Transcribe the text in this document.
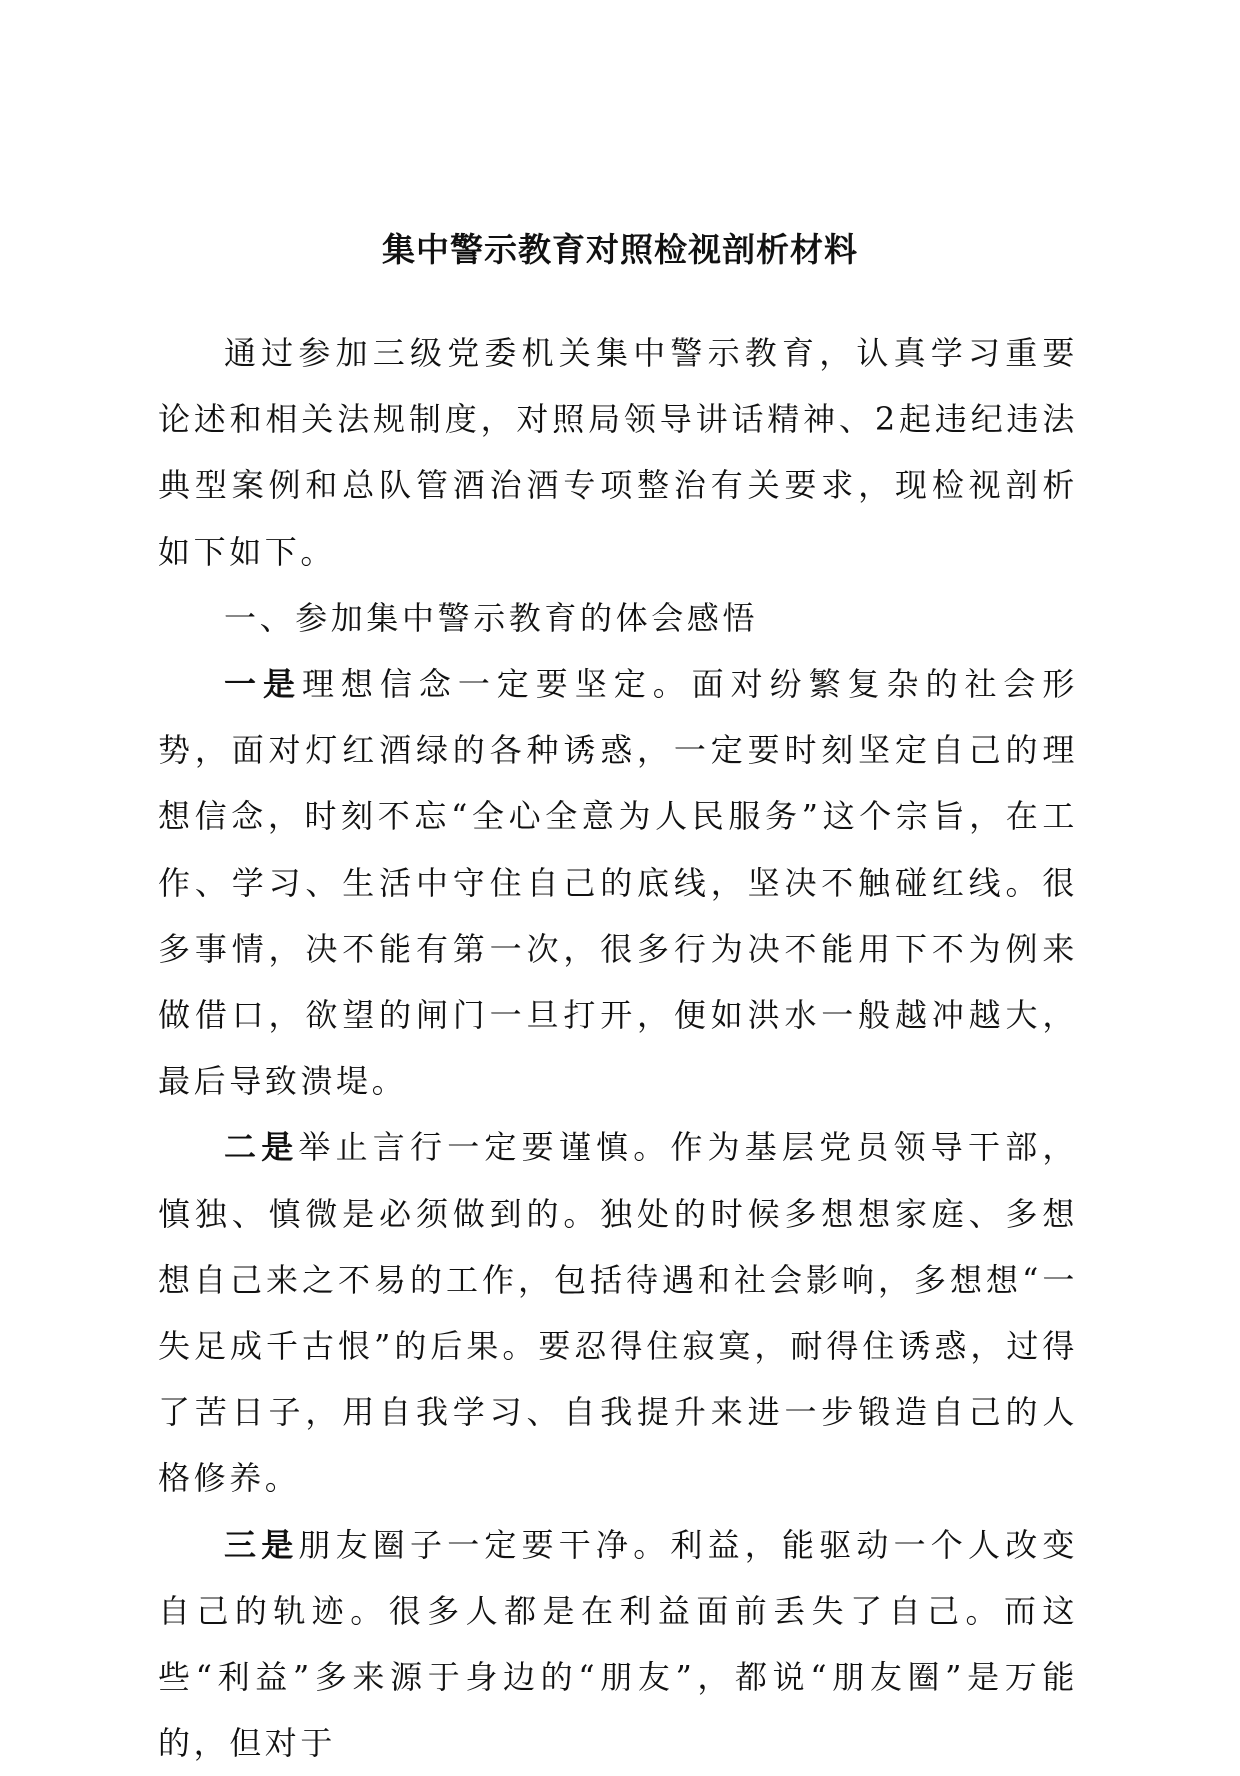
集中警示教育对照检视剖析材料

通过参加三级党委机关集中警示教育，认真学习重要论述和相关法规制度，对照局领导讲话精神、2起违纪违法典型案例和总队管酒治酒专项整治有关要求，现检视剖析如下如下。

一、参加集中警示教育的体会感悟

一是理想信念一定要坚定。面对纷繁复杂的社会形势，面对灯红酒绿的各种诱惑，一定要时刻坚定自己的理想信念，时刻不忘“全心全意为人民服务”这个宗旨，在工作、学习、生活中守住自己的底线，坚决不触碰红线。很多事情，决不能有第一次，很多行为决不能用下不为例来做借口，欲望的闸门一旦打开，便如洪水一般越冲越大，最后导致溃堤。

二是举止言行一定要谨慎。作为基层党员领导干部，慎独、慎微是必须做到的。独处的时候多想想家庭、多想想自己来之不易的工作，包括待遇和社会影响，多想想“一失足成千古恨”的后果。要忍得住寂寞，耐得住诱惑，过得了苦日子，用自我学习、自我提升来进一步锻造自己的人格修养。

三是朋友圈子一定要干净。利益，能驱动一个人改变自己的轨迹。很多人都是在利益面前丢失了自己。而这些“利益”多来源于身边的“朋友”，都说“朋友圈”是万能的，但对于
